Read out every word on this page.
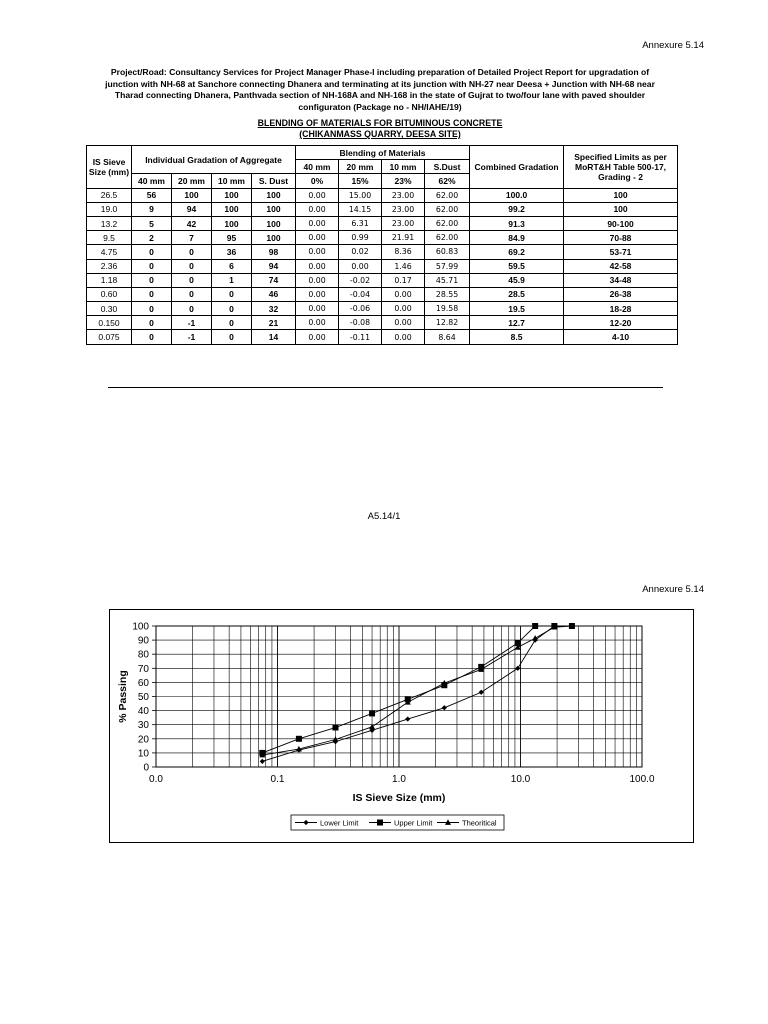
Annexure 5.14
Project/Road: Consultancy Services for Project Manager Phase-I including preparation of Detailed Project Report for upgradation of junction with NH-68 at Sanchore connecting Dhanera and terminating at its junction with NH-27 near Deesa + Junction with NH-68 near Tharad connecting Dhanera, Panthvada section of NH-168A and NH-168 in the state of Gujrat to two/four lane with paved shoulder configuraton (Package no - NH/IAHE/19)
BLENDING OF MATERIALS FOR BITUMINOUS CONCRETE
(CHIKANMASS QUARRY, DEESA SITE)
IS Sieve Size (mm)	Individual Gradation of Aggregate				Blending of Materials				Combined Gradation	Specified Limits as per MoRT&H Table 500-17, Grading - 2
					40 mm	20 mm	10 mm	S.Dust		
	40 mm	20 mm	10 mm	S. Dust	0%	15%	23%	62%		
26.5	56	100	100	100	0.00	15.00	23.00	62.00	100.0	100
19.0	9	94	100	100	0.00	14.15	23.00	62.00	99.2	100
13.2	5	42	100	100	0.00	6.31	23.00	62.00	91.3	90-100
9.5	2	7	95	100	0.00	0.99	21.91	62.00	84.9	70-88
4.75	0	0	36	98	0.00	0.02	8.36	60.83	69.2	53-71
2.36	0	0	6	94	0.00	0.00	1.46	57.99	59.5	42-58
1.18	0	0	1	74	0.00	-0.02	0.17	45.71	45.9	34-48
0.60	0	0	0	46	0.00	-0.04	0.00	28.55	28.5	26-38
0.30	0	0	0	32	0.00	-0.06	0.00	19.58	19.5	18-28
0.150	0	-1	0	21	0.00	-0.08	0.00	12.82	12.7	12-20
0.075	0	-1	0	14	0.00	-0.11	0.00	8.64	8.5	4-10
A5.14/1
Annexure 5.14
0
10
20
30
40
50
60
70
80
90
100
0.0	0.1	1.0	10.0	100.0
IS Sieve Size (mm)
% Passing
Lower Limit	Upper Limit	Theoritical
